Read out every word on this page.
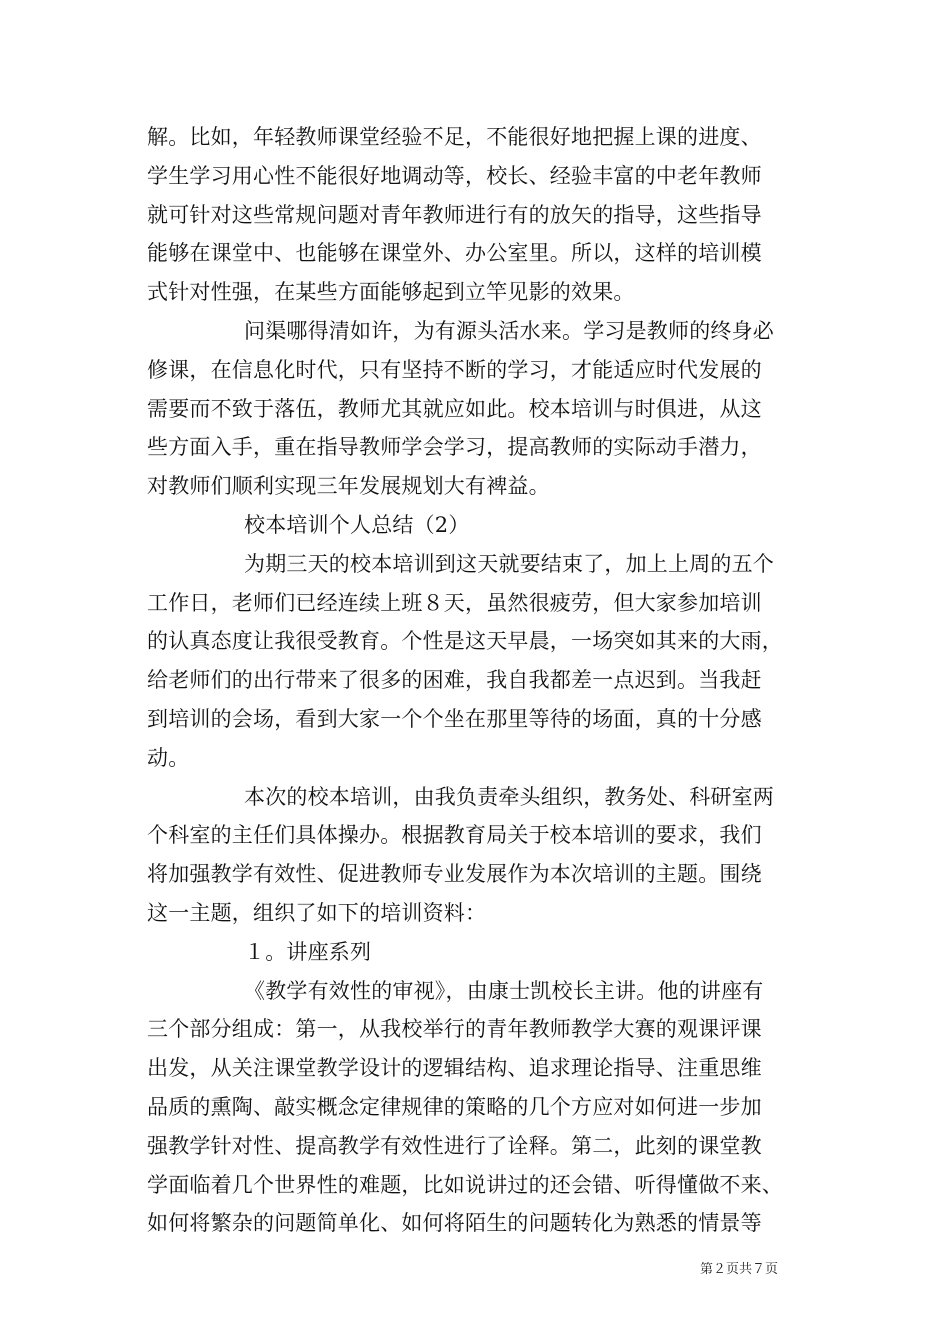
解。比如，年轻教师课堂经验不足，不能很好地把握上课的进度、
学生学习用心性不能很好地调动等，校长、经验丰富的中老年教师
就可针对这些常规问题对青年教师进行有的放矢的指导，这些指导
能够在课堂中、也能够在课堂外、办公室里。所以，这样的培训模
式针对性强，在某些方面能够起到立竿见影的效果。
问渠哪得清如许，为有源头活水来。学习是教师的终身必
修课，在信息化时代，只有坚持不断的学习，才能适应时代发展的
需要而不致于落伍，教师尤其就应如此。校本培训与时俱进，从这
些方面入手，重在指导教师学会学习，提高教师的实际动手潜力，
对教师们顺利实现三年发展规划大有裨益。
校本培训个人总结（2）
为期三天的校本培训到这天就要结束了，加上上周的五个
工作日，老师们已经连续上班８天，虽然很疲劳，但大家参加培训
的认真态度让我很受教育。个性是这天早晨，一场突如其来的大雨，
给老师们的出行带来了很多的困难，我自我都差一点迟到。当我赶
到培训的会场，看到大家一个个坐在那里等待的场面，真的十分感
动。
本次的校本培训，由我负责牵头组织，教务处、科研室两
个科室的主任们具体操办。根据教育局关于校本培训的要求，我们
将加强教学有效性、促进教师专业发展作为本次培训的主题。围绕
这一主题，组织了如下的培训资料：
１。讲座系列
《教学有效性的审视》，由康士凯校长主讲。他的讲座有
三个部分组成：第一，从我校举行的青年教师教学大赛的观课评课
出发，从关注课堂教学设计的逻辑结构、追求理论指导、注重思维
品质的熏陶、敲实概念定律规律的策略的几个方应对如何进一步加
强教学针对性、提高教学有效性进行了诠释。第二，此刻的课堂教
学面临着几个世界性的难题，比如说讲过的还会错、听得懂做不来、
如何将繁杂的问题简单化、如何将陌生的问题转化为熟悉的情景等
第２页共７页
